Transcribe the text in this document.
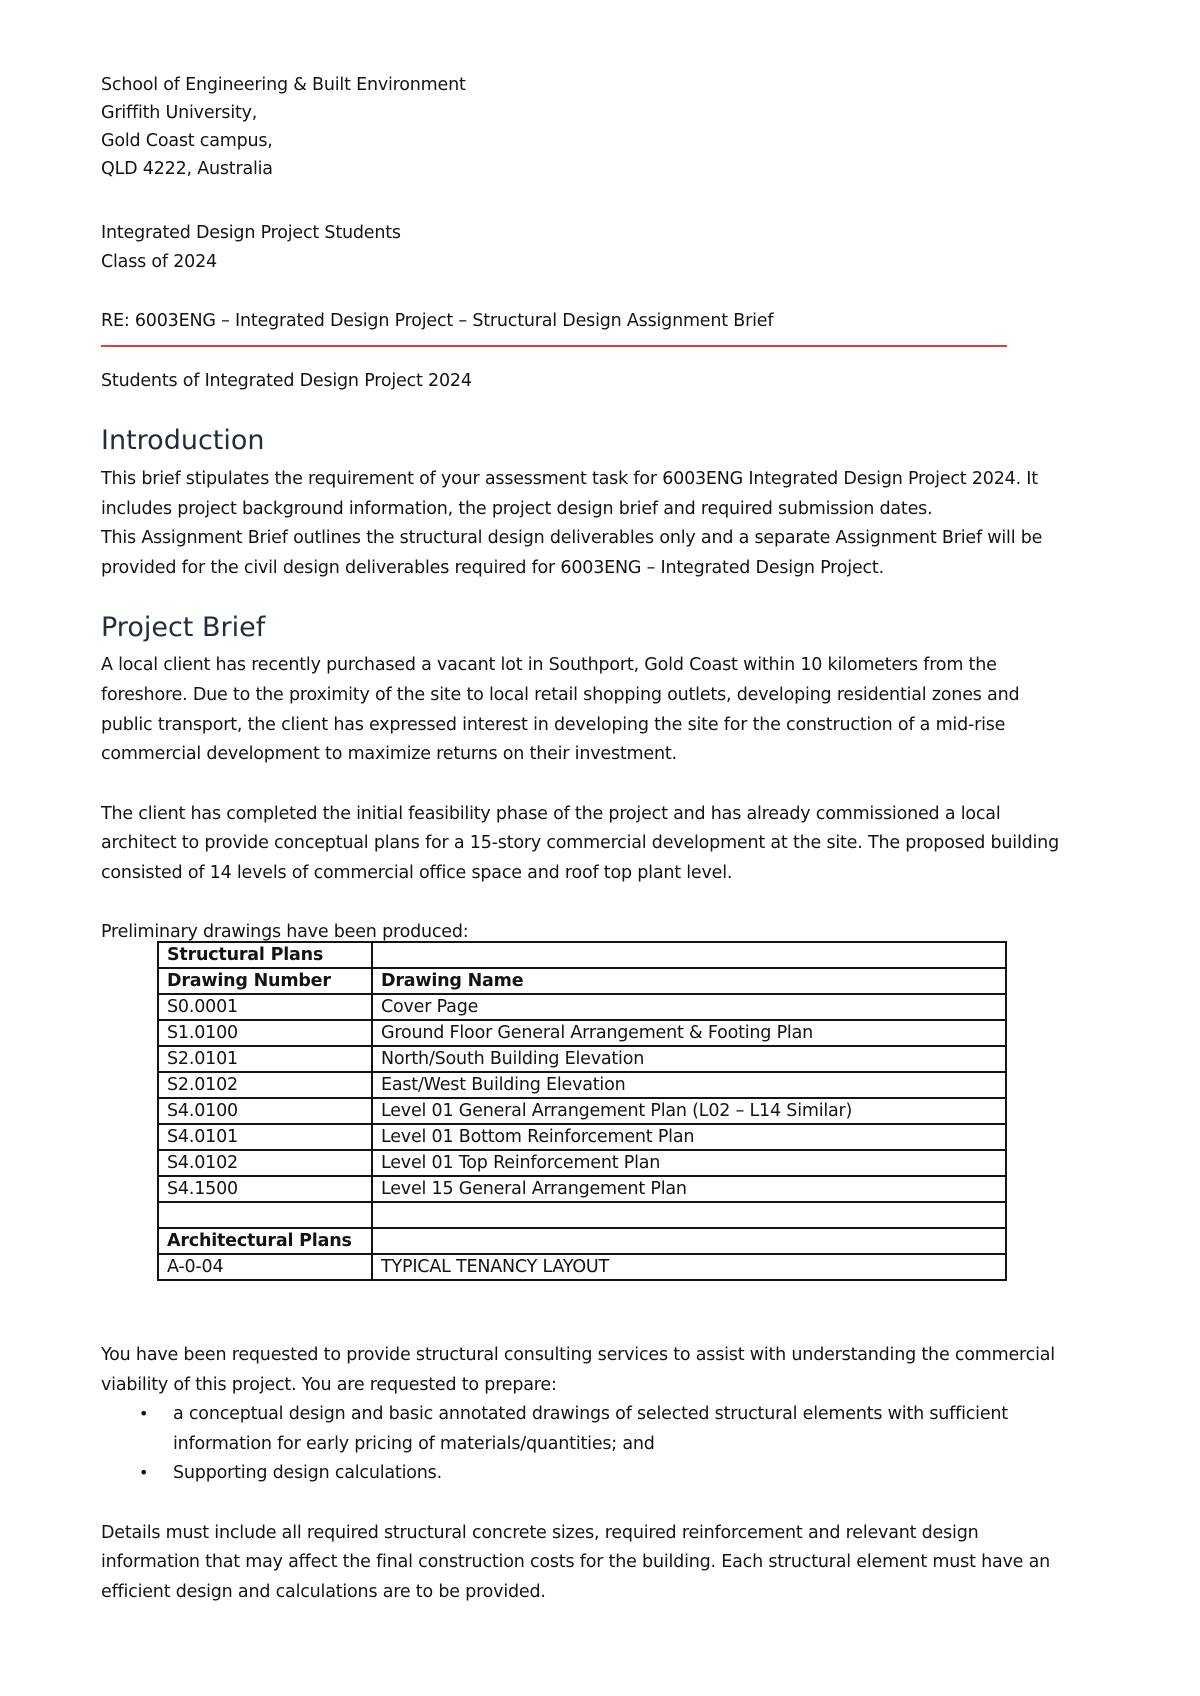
School of Engineering & Built Environment
Griffith University,
Gold Coast campus,
QLD 4222, Australia
Integrated Design Project Students
Class of 2024
RE: 6003ENG – Integrated Design Project – Structural Design Assignment Brief
Students of Integrated Design Project 2024
Introduction
This brief stipulates the requirement of your assessment task for 6003ENG Integrated Design Project 2024. It
includes project background information, the project design brief and required submission dates.
This Assignment Brief outlines the structural design deliverables only and a separate Assignment Brief will be
provided for the civil design deliverables required for 6003ENG – Integrated Design Project.
Project Brief
A local client has recently purchased a vacant lot in Southport, Gold Coast within 10 kilometers from the
foreshore. Due to the proximity of the site to local retail shopping outlets, developing residential zones and
public transport, the client has expressed interest in developing the site for the construction of a mid-rise
commercial development to maximize returns on their investment.
The client has completed the initial feasibility phase of the project and has already commissioned a local
architect to provide conceptual plans for a 15-story commercial development at the site. The proposed building
consisted of 14 levels of commercial office space and roof top plant level.
Preliminary drawings have been produced:
Structural Plans	
Drawing Number	Drawing Name
S0.0001	Cover Page
S1.0100	Ground Floor General Arrangement & Footing Plan
S2.0101	North/South Building Elevation
S2.0102	East/West Building Elevation
S4.0100	Level 01 General Arrangement Plan (L02 – L14 Similar)
S4.0101	Level 01 Bottom Reinforcement Plan
S4.0102	Level 01 Top Reinforcement Plan
S4.1500	Level 15 General Arrangement Plan

Architectural Plans	
A-0-04	TYPICAL TENANCY LAYOUT
You have been requested to provide structural consulting services to assist with understanding the commercial
viability of this project. You are requested to prepare:
• a conceptual design and basic annotated drawings of selected structural elements with sufficient
information for early pricing of materials/quantities; and
• Supporting design calculations.
Details must include all required structural concrete sizes, required reinforcement and relevant design
information that may affect the final construction costs for the building. Each structural element must have an
efficient design and calculations are to be provided.
